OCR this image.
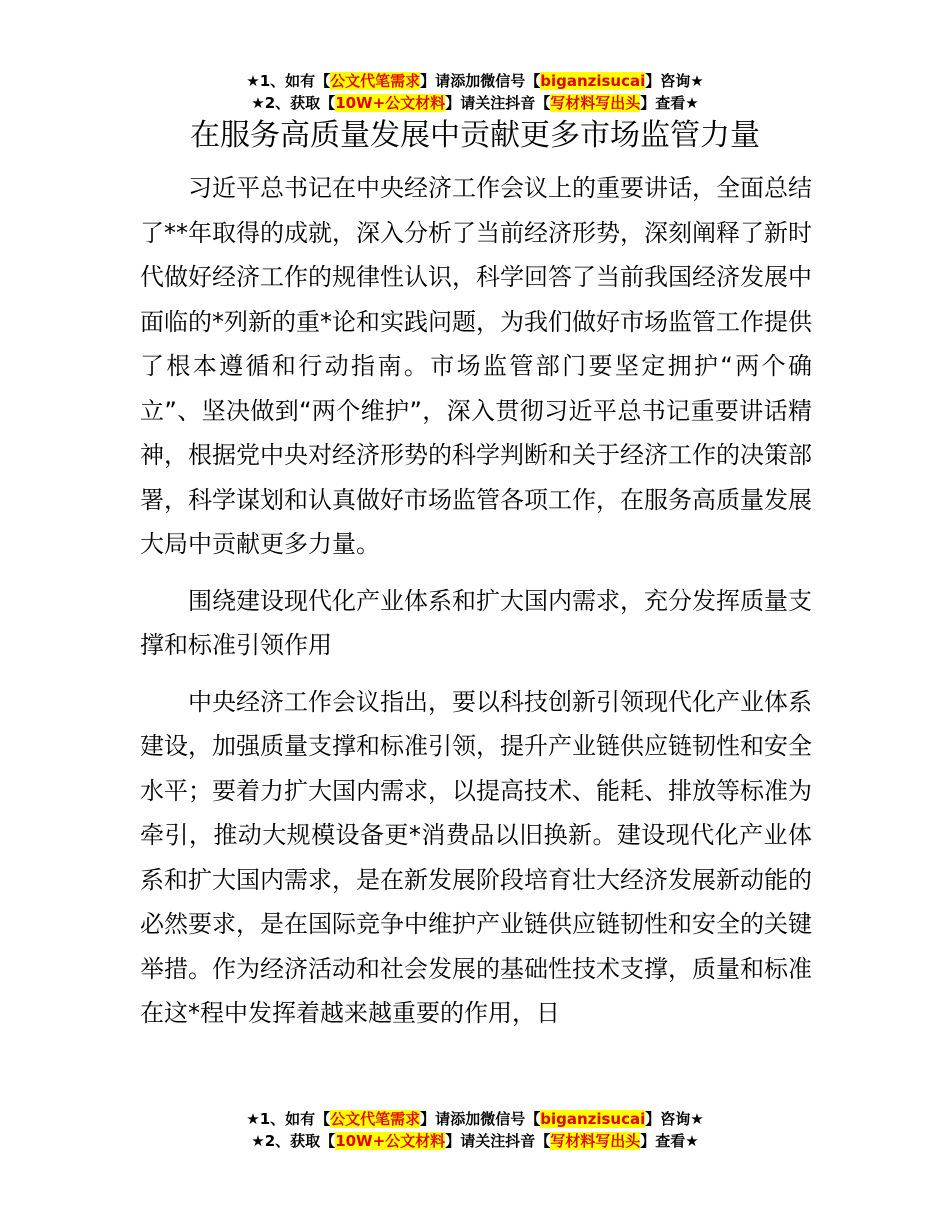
★1、如有【公文代笔需求】请添加微信号【biganzisucai】咨询★
★2、获取【10W+公文材料】请关注抖音【写材料写出头】查看★
在服务高质量发展中贡献更多市场监管力量

习近平总书记在中央经济工作会议上的重要讲话，全面总结了**年取得的成就，深入分析了当前经济形势，深刻阐释了新时代做好经济工作的规律性认识，科学回答了当前我国经济发展中面临的*列新的重*论和实践问题，为我们做好市场监管工作提供了根本遵循和行动指南。市场监管部门要坚定拥护“两个确立”、坚决做到“两个维护”，深入贯彻习近平总书记重要讲话精神，根据党中央对经济形势的科学判断和关于经济工作的决策部署，科学谋划和认真做好市场监管各项工作，在服务高质量发展大局中贡献更多力量。

围绕建设现代化产业体系和扩大国内需求，充分发挥质量支撑和标准引领作用

中央经济工作会议指出，要以科技创新引领现代化产业体系建设，加强质量支撑和标准引领，提升产业链供应链韧性和安全水平；要着力扩大国内需求，以提高技术、能耗、排放等标准为牵引，推动大规模设备更*消费品以旧换新。建设现代化产业体系和扩大国内需求，是在新发展阶段培育壮大经济发展新动能的必然要求，是在国际竞争中维护产业链供应链韧性和安全的关键举措。作为经济活动和社会发展的基础性技术支撑，质量和标准在这*程中发挥着越来越重要的作用，日

★1、如有【公文代笔需求】请添加微信号【biganzisucai】咨询★
★2、获取【10W+公文材料】请关注抖音【写材料写出头】查看★
